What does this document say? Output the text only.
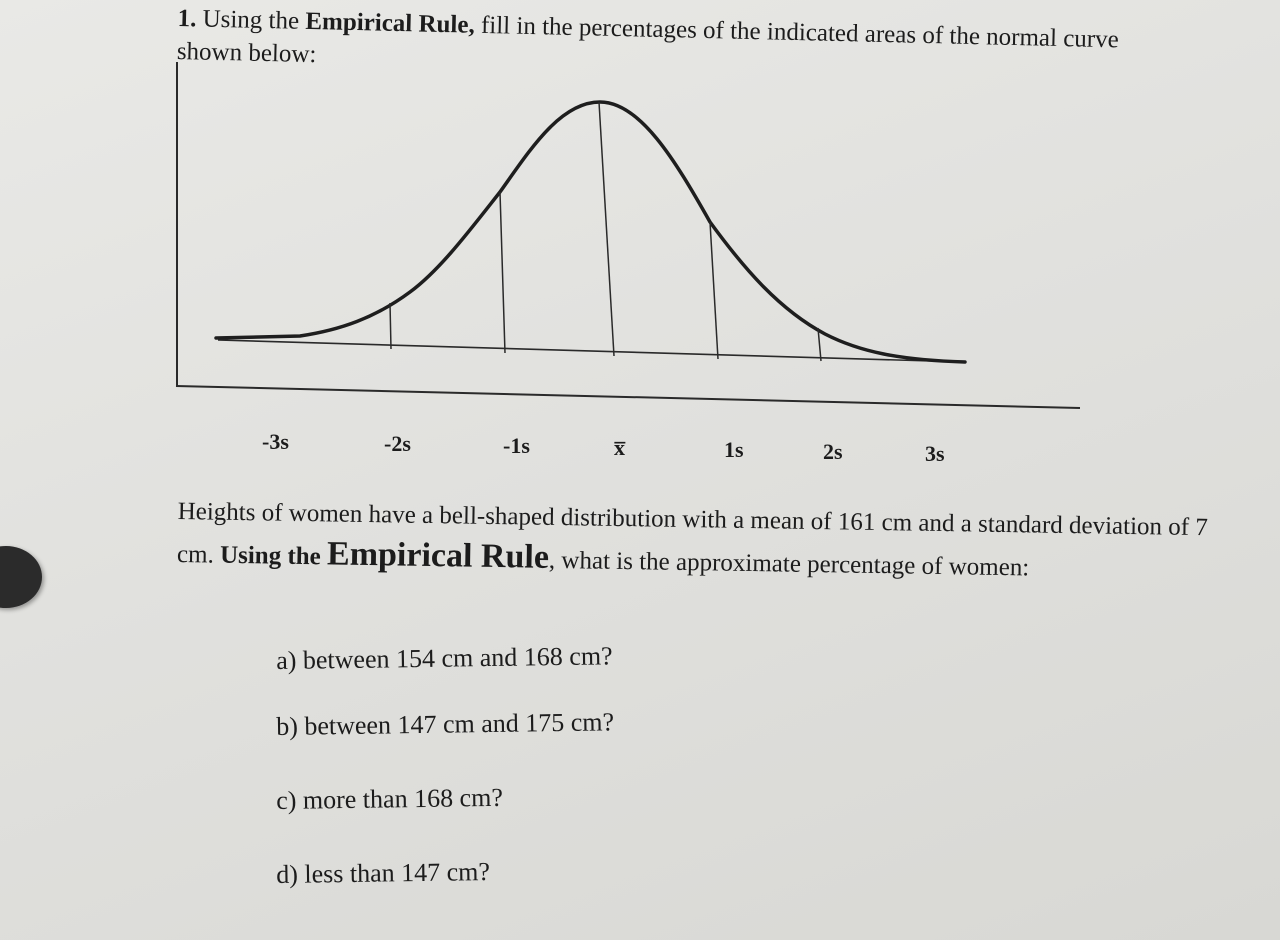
1. Using the Empirical Rule, fill in the percentages of the indicated areas of the normal curve
shown below:
-3s	-2s	-1s	x̅	1s	2s	3s
Heights of women have a bell-shaped distribution with a mean of 161 cm and a standard deviation of 7 cm. Using the Empirical Rule, what is the approximate percentage of women:
a) between 154 cm and 168 cm?
b) between 147 cm and 175 cm?
c) more than 168 cm?
d) less than 147 cm?
